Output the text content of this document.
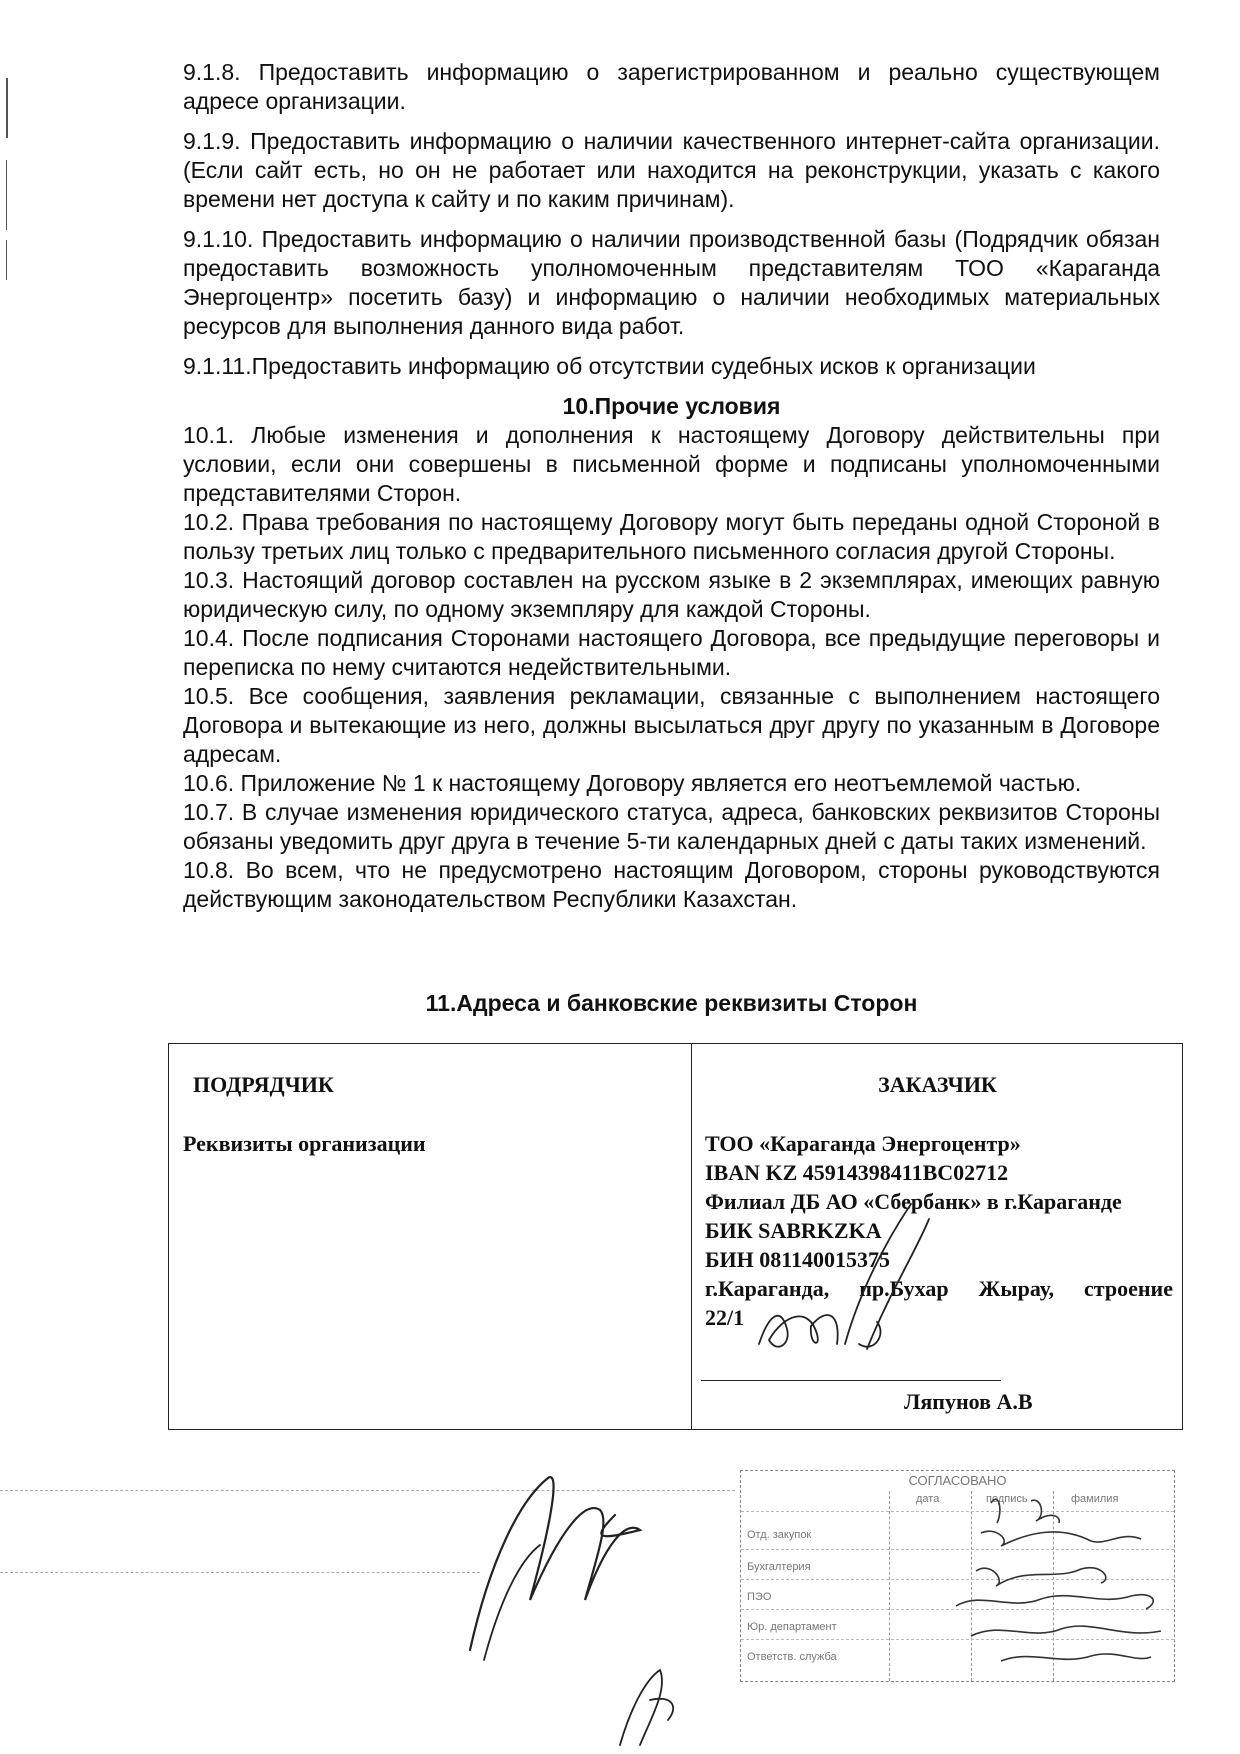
9.1.8. Предоставить информацию о зарегистрированном и реально существующем адресе организации.

9.1.9. Предоставить информацию о наличии качественного интернет-сайта организации. (Если сайт есть, но он не работает или находится на реконструкции, указать с какого времени нет доступа к сайту и по каким причинам).

9.1.10. Предоставить информацию о наличии производственной базы (Подрядчик обязан предоставить возможность уполномоченным представителям ТОО «Караганда Энергоцентр» посетить базу) и информацию о наличии необходимых материальных ресурсов для выполнения данного вида работ.

9.1.11.Предоставить информацию об отсутствии судебных исков к организации

10.Прочие условия

10.1. Любые изменения и дополнения к настоящему Договору действительны при условии, если они совершены в письменной форме и подписаны уполномоченными представителями Сторон.

10.2. Права требования по настоящему Договору могут быть переданы одной Стороной в пользу третьих лиц только с предварительного письменного согласия другой Стороны.

10.3. Настоящий договор составлен на русском языке в 2 экземплярах, имеющих равную юридическую силу, по одному экземпляру для каждой Стороны.

10.4. После подписания Сторонами настоящего Договора, все предыдущие переговоры и переписка по нему считаются недействительными.

10.5. Все сообщения, заявления рекламации, связанные с выполнением настоящего Договора и вытекающие из него, должны высылаться друг другу по указанным в Договоре адресам.

10.6. Приложение № 1 к настоящему Договору является его неотъемлемой частью.

10.7. В случае изменения юридического статуса, адреса, банковских реквизитов Стороны обязаны уведомить друг друга в течение 5-ти календарных дней с даты таких изменений.

10.8. Во всем, что не предусмотрено настоящим Договором, стороны руководствуются действующим законодательством Республики Казахстан.

11.Адреса и банковские реквизиты Сторон
ПОДРЯДЧИК
Реквизиты организации
ЗАКАЗЧИК
ТОО «Караганда Энергоцентр»
IBAN KZ 45914398411BC02712
Филиал ДБ АО «Сбербанк» в г.Караганде
БИК SABRKZKA
БИН 081140015375
г.Караганда, пр.Бухар Жырау, строение
22/1
Ляпунов А.В
СОГЛАСОВАНО
дата	подпись	фамилия
Отд. закупок
Бухгалтерия
ПЭО
Юр. департамент
Ответств. служба
